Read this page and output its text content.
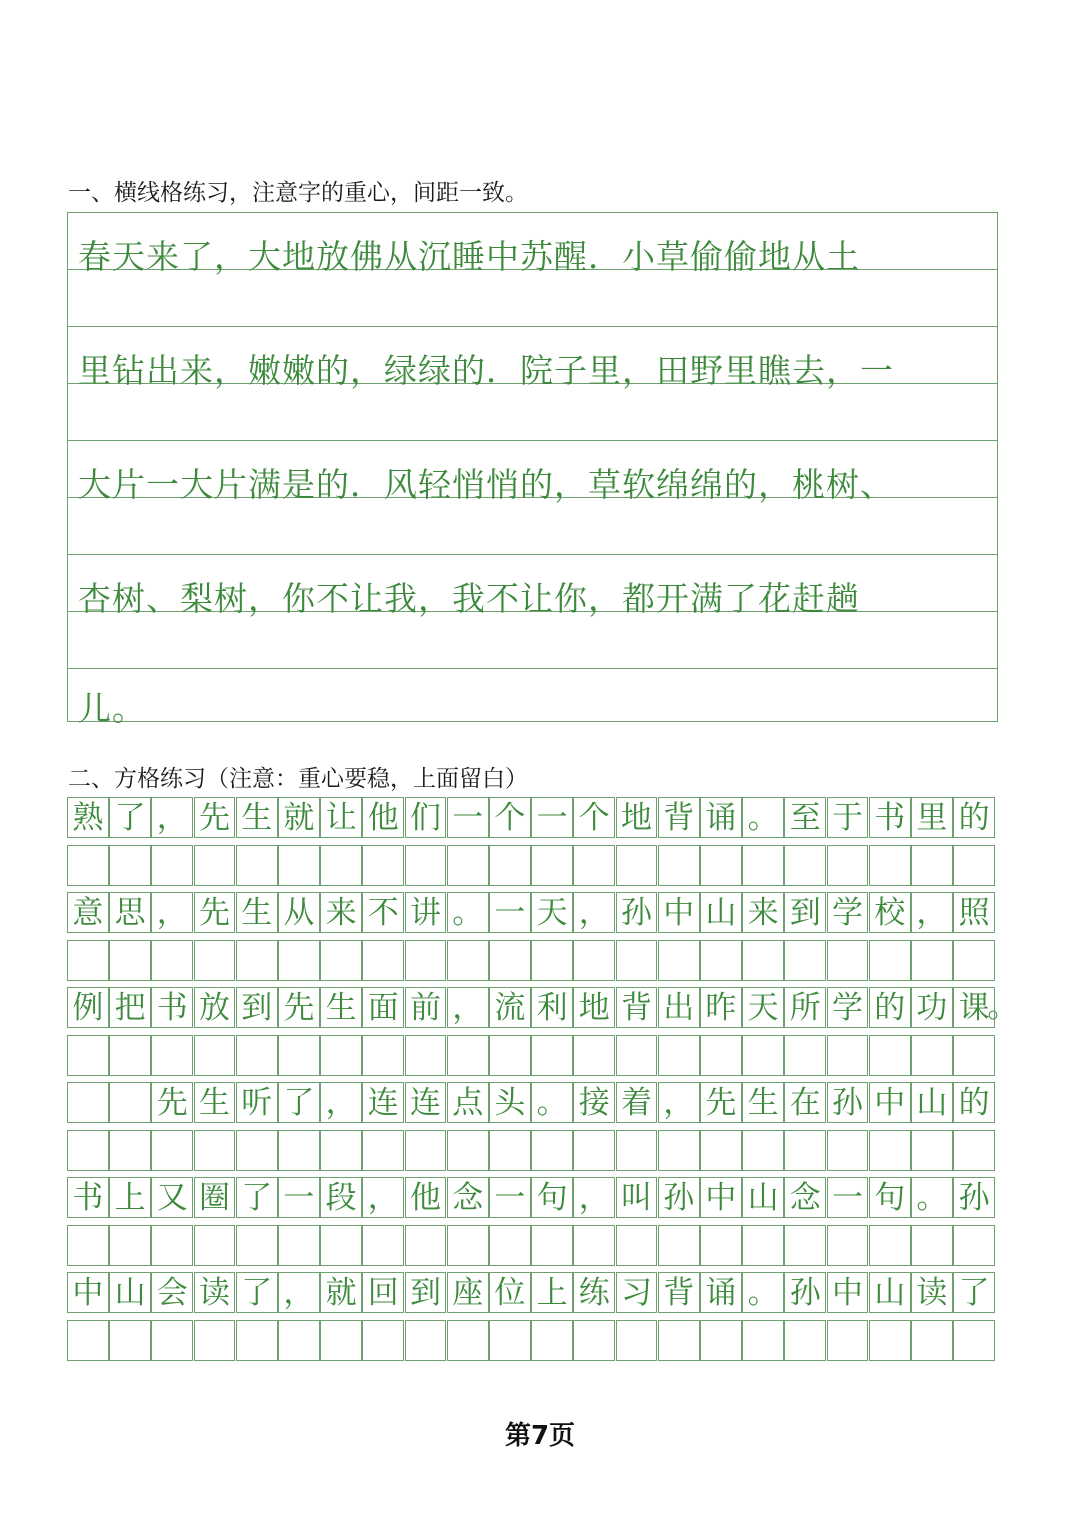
一、横线格练习，注意字的重心，间距一致。
春天来了，大地放佛从沉睡中苏醒．小草偷偷地从土
里钻出来，嫩嫩的，绿绿的．院子里，田野里瞧去，一
大片一大片满是的．风轻悄悄的，草软绵绵的，桃树、
杏树、梨树，你不让我，我不让你，都开满了花赶趟
儿。
二、方格练习（注意：重心要稳，上面留白）
熟 了 ， 先 生 就 让 他 们 一 个 一 个 地 背 诵 。 至 于 书 里 的
意 思 ， 先 生 从 来 不 讲 。 一 天 ， 孙 中 山 来 到 学 校 ， 照
例 把 书 放 到 先 生 面 前 ， 流 利 地 背 出 昨 天 所 学 的 功 课
。
先 生 听 了 ， 连 连 点 头 。 接 着 ， 先 生 在 孙 中 山 的
书 上 又 圈 了 一 段 ， 他 念 一 句 ， 叫 孙 中 山 念 一 句 。 孙
中 山 会 读 了 ， 就 回 到 座 位 上 练 习 背 诵 。 孙 中 山 读 了
第7页
